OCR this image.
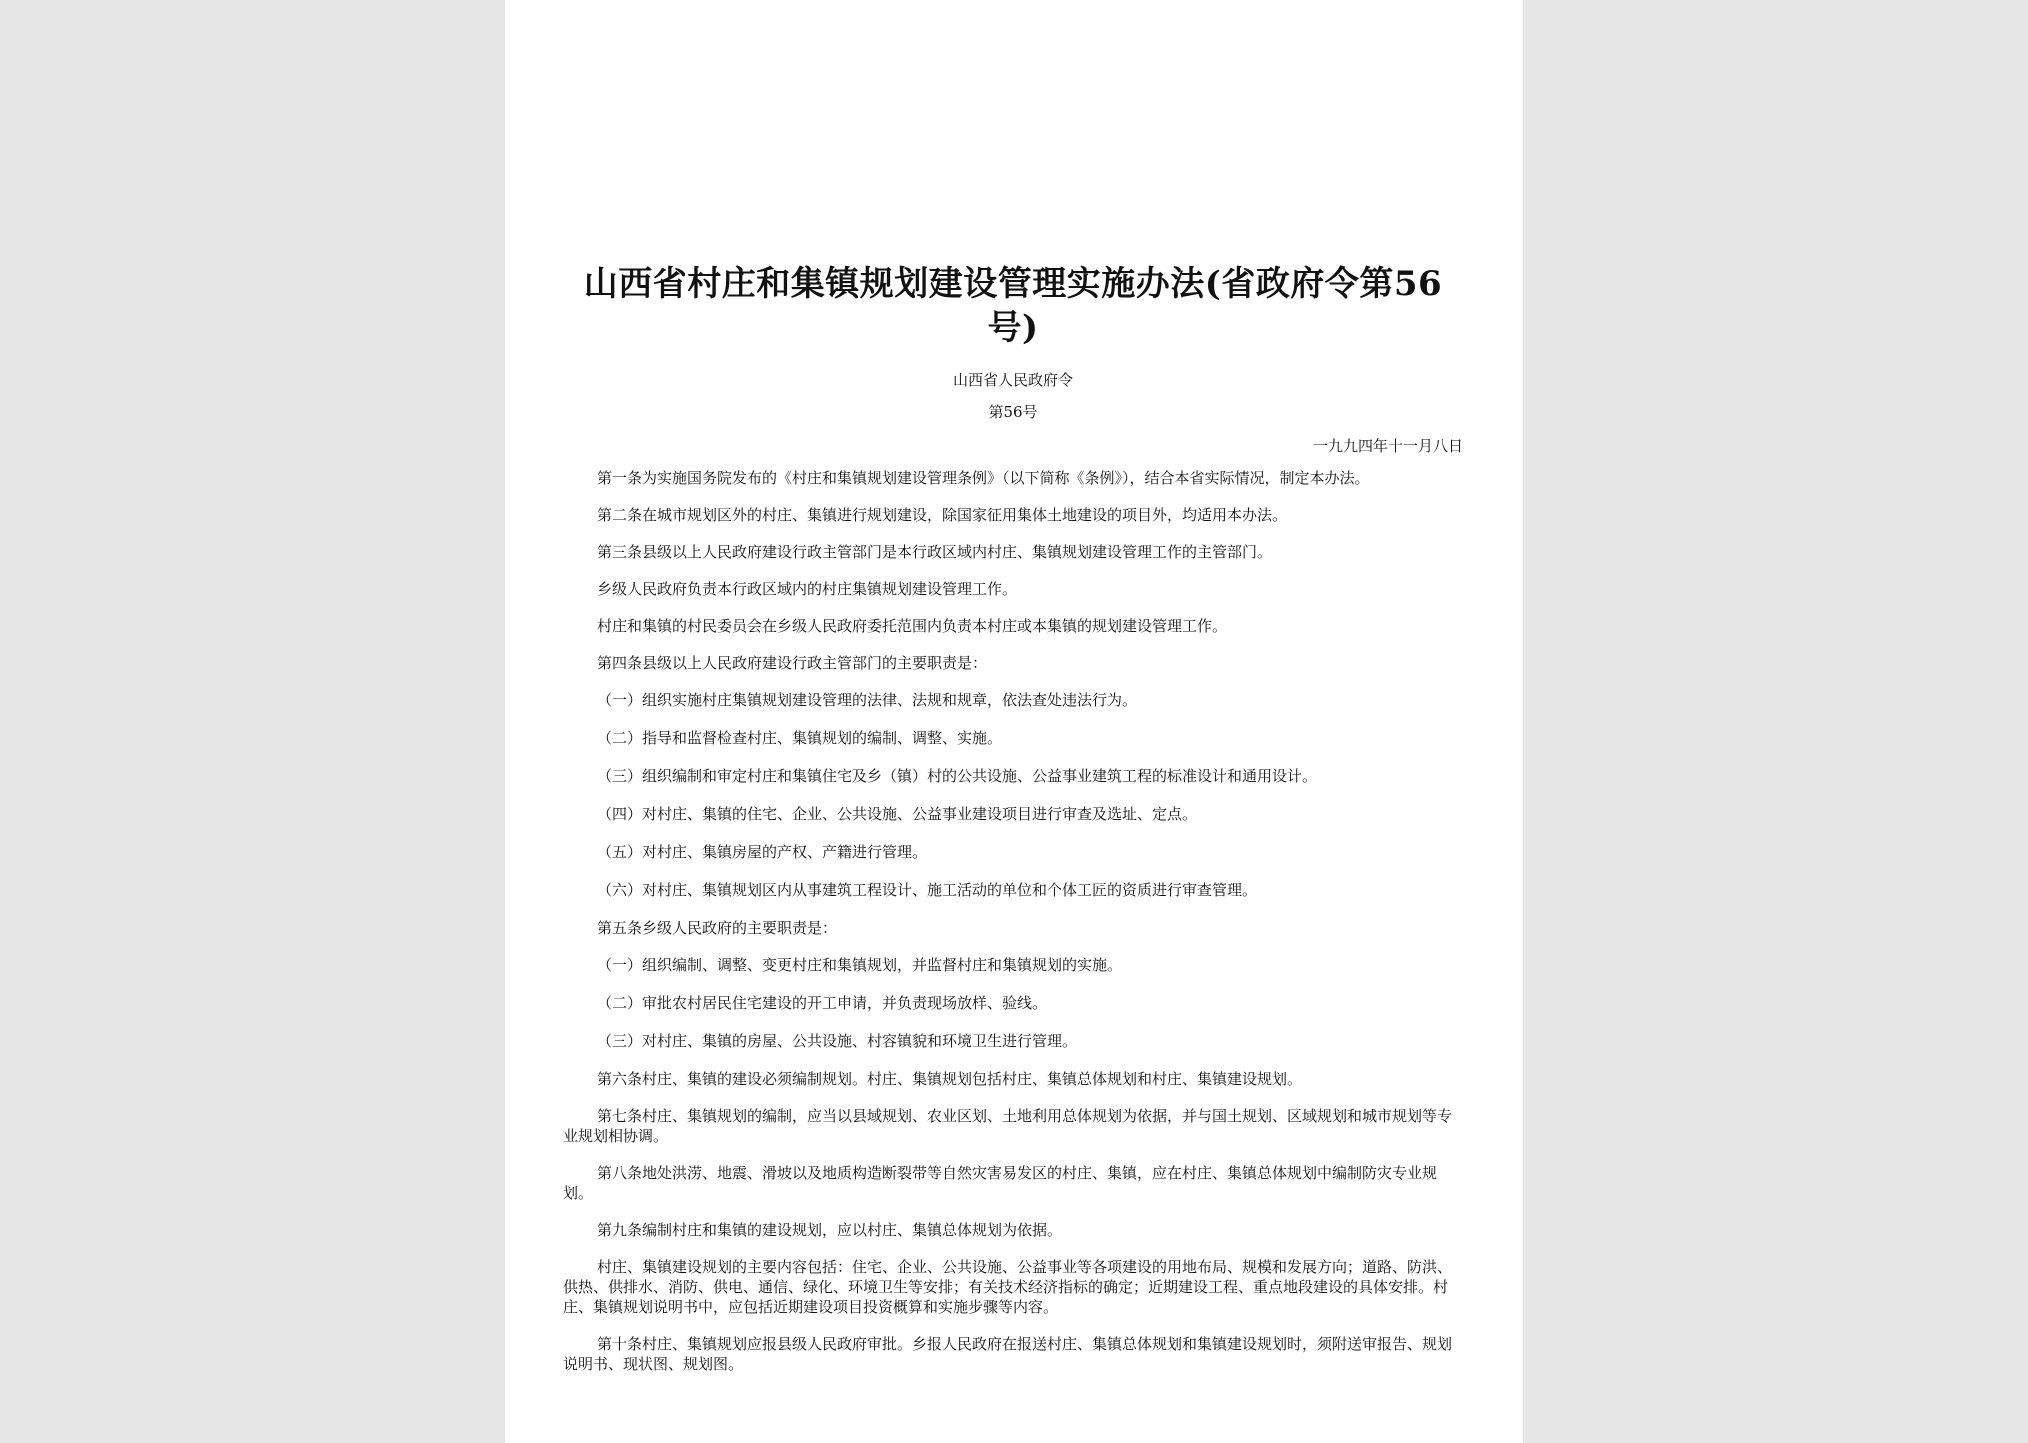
山西省村庄和集镇规划建设管理实施办法(省政府令第56号)
山西省人民政府令
第56号
一九九四年十一月八日

第一条为实施国务院发布的《村庄和集镇规划建设管理条例》（以下简称《条例》），结合本省实际情况，制定本办法。

第二条在城市规划区外的村庄、集镇进行规划建设，除国家征用集体土地建设的项目外，均适用本办法。

第三条县级以上人民政府建设行政主管部门是本行政区域内村庄、集镇规划建设管理工作的主管部门。

乡级人民政府负责本行政区域内的村庄集镇规划建设管理工作。

村庄和集镇的村民委员会在乡级人民政府委托范围内负责本村庄或本集镇的规划建设管理工作。

第四条县级以上人民政府建设行政主管部门的主要职责是：

（一）组织实施村庄集镇规划建设管理的法律、法规和规章，依法查处违法行为。

（二）指导和监督检查村庄、集镇规划的编制、调整、实施。

（三）组织编制和审定村庄和集镇住宅及乡（镇）村的公共设施、公益事业建筑工程的标准设计和通用设计。

（四）对村庄、集镇的住宅、企业、公共设施、公益事业建设项目进行审查及选址、定点。

（五）对村庄、集镇房屋的产权、产籍进行管理。

（六）对村庄、集镇规划区内从事建筑工程设计、施工活动的单位和个体工匠的资质进行审查管理。

第五条乡级人民政府的主要职责是：

（一）组织编制、调整、变更村庄和集镇规划，并监督村庄和集镇规划的实施。

（二）审批农村居民住宅建设的开工申请，并负责现场放样、验线。

（三）对村庄、集镇的房屋、公共设施、村容镇貌和环境卫生进行管理。

第六条村庄、集镇的建设必须编制规划。村庄、集镇规划包括村庄、集镇总体规划和村庄、集镇建设规划。

第七条村庄、集镇规划的编制，应当以县域规划、农业区划、土地利用总体规划为依据，并与国土规划、区域规划和城市规划等专业规划相协调。

第八条地处洪涝、地震、滑坡以及地质构造断裂带等自然灾害易发区的村庄、集镇，应在村庄、集镇总体规划中编制防灾专业规划。

第九条编制村庄和集镇的建设规划，应以村庄、集镇总体规划为依据。

村庄、集镇建设规划的主要内容包括：住宅、企业、公共设施、公益事业等各项建设的用地布局、规模和发展方向；道路、防洪、供热、供排水、消防、供电、通信、绿化、环境卫生等安排；有关技术经济指标的确定；近期建设工程、重点地段建设的具体安排。村庄、集镇规划说明书中，应包括近期建设项目投资概算和实施步骤等内容。

第十条村庄、集镇规划应报县级人民政府审批。乡报人民政府在报送村庄、集镇总体规划和集镇建设规划时，须附送审报告、规划说明书、现状图、规划图。
